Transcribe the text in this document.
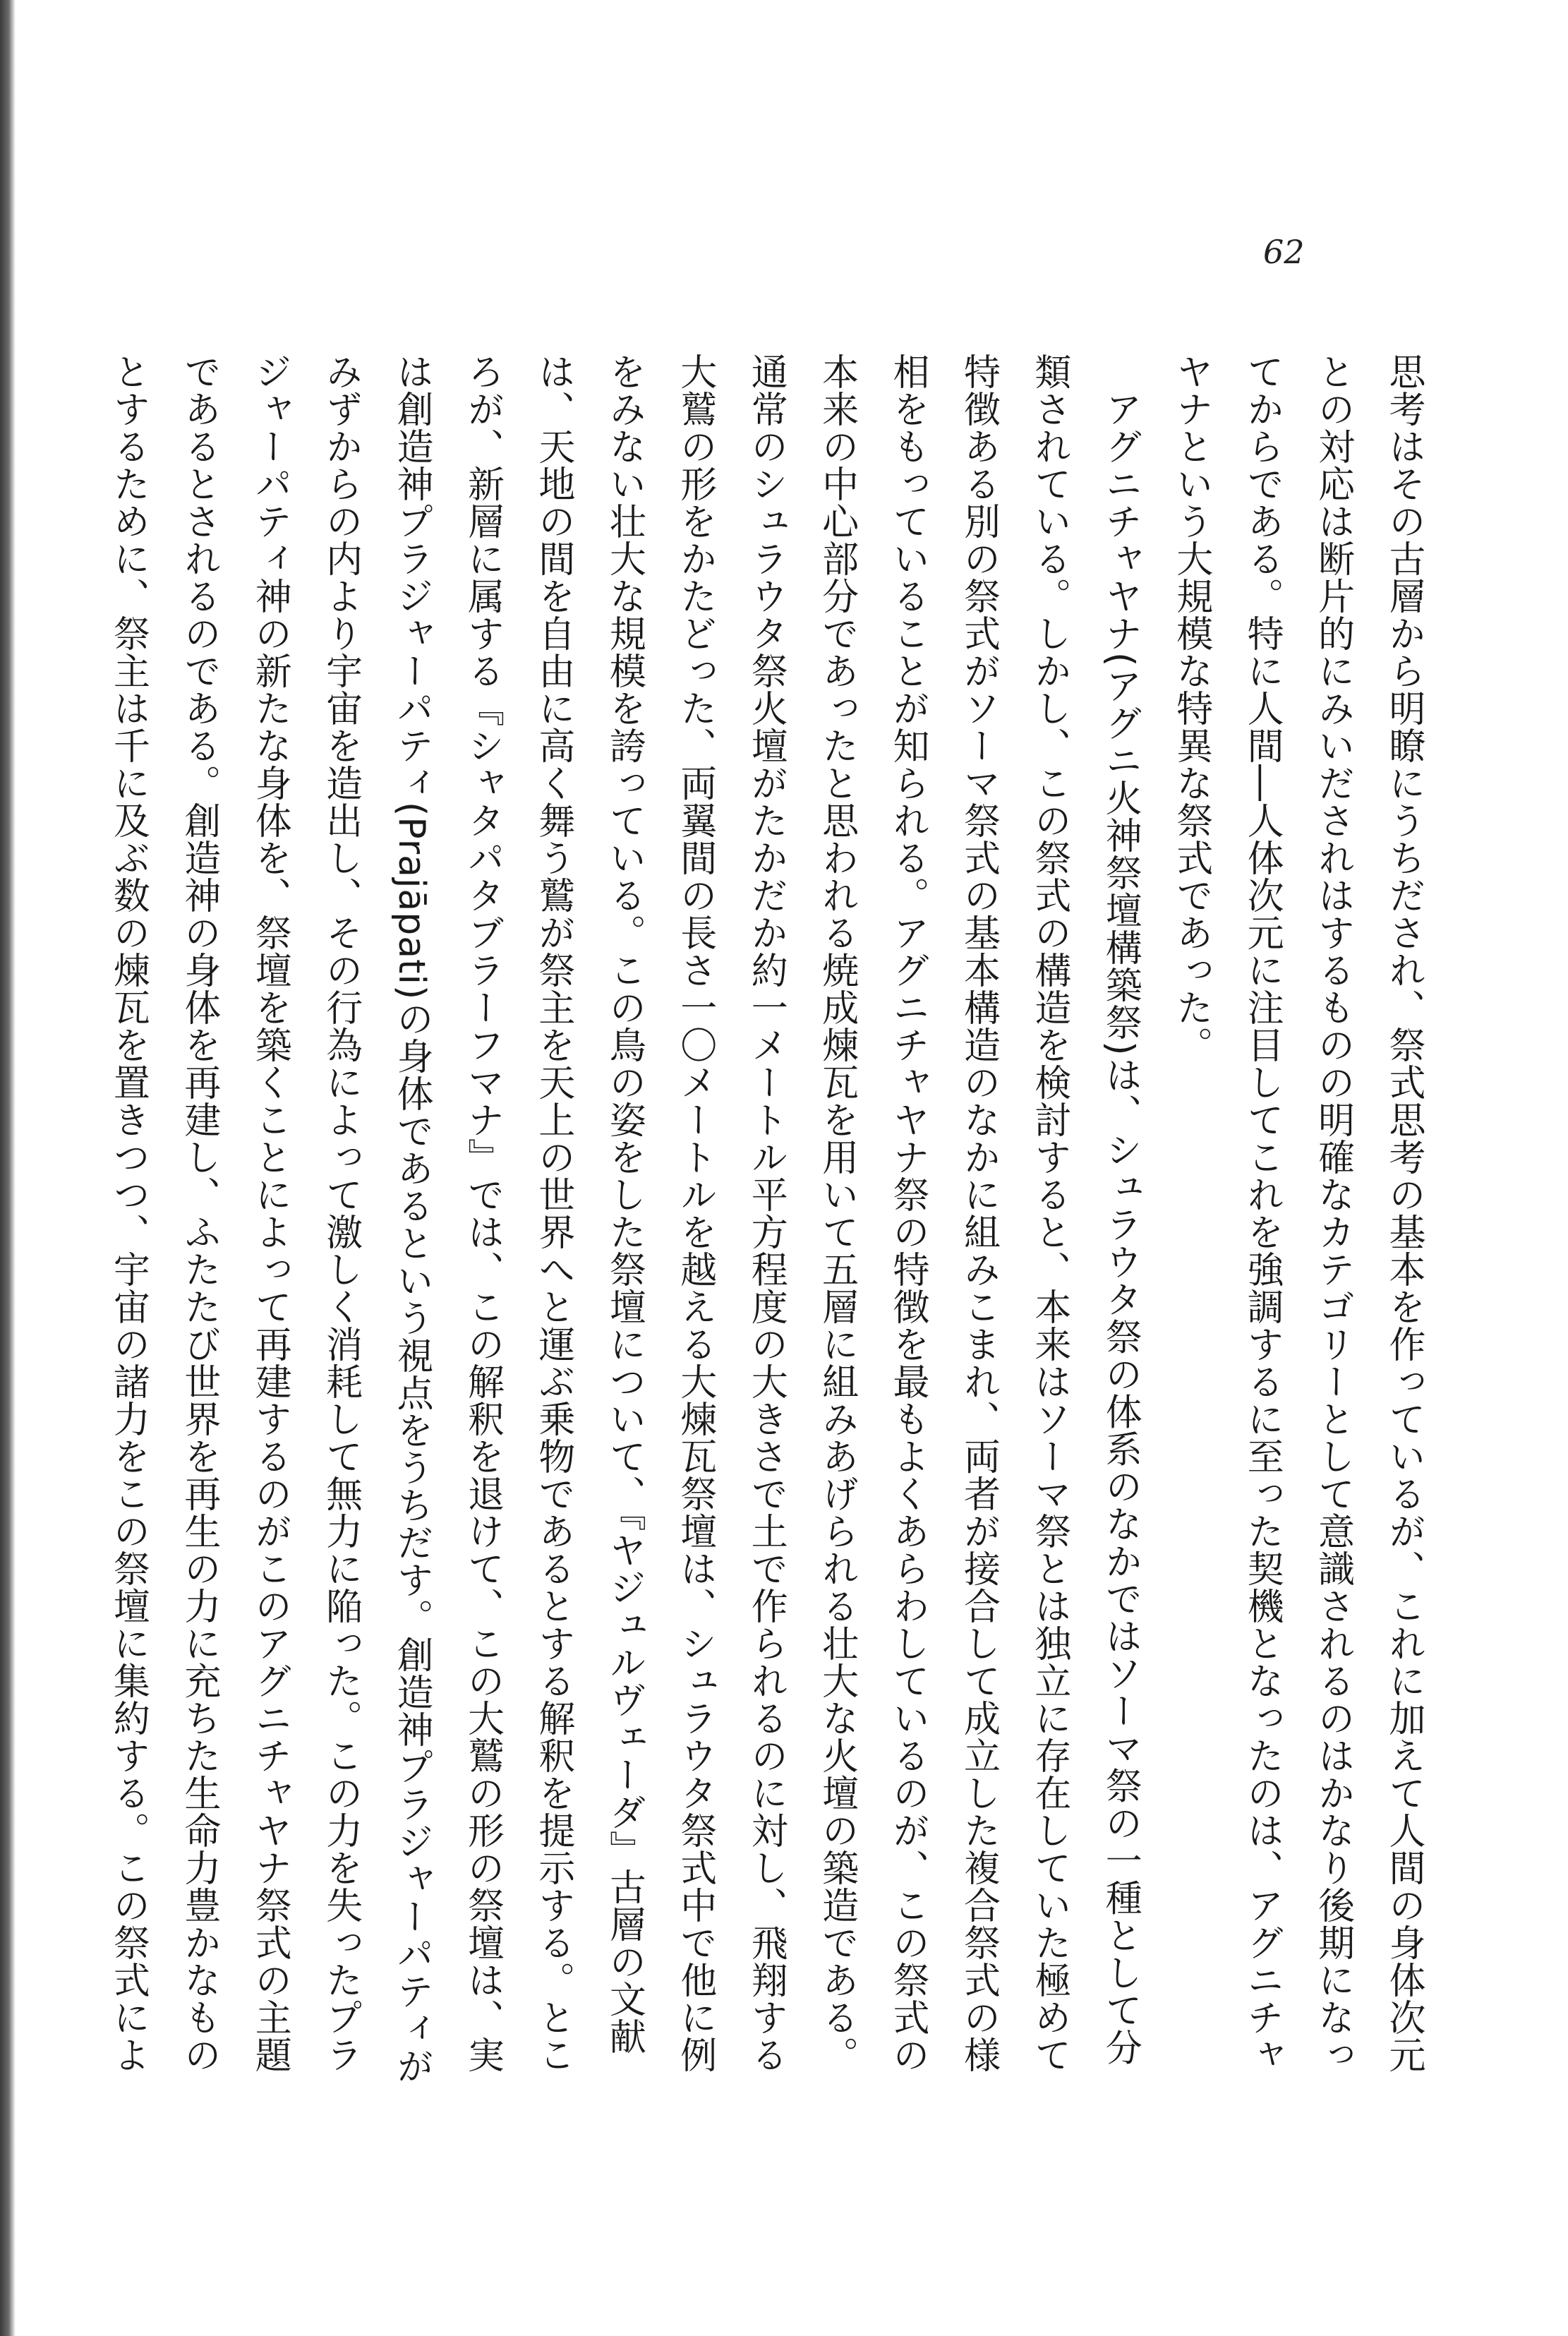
62
思考はその古層から明瞭にうちだされ、祭式思考の基本を作っているが、これに加えて人間の身体次元
との対応は断片的にみいだされはするものの明確なカテゴリーとして意識されるのはかなり後期になっ
てからである。特に人間―人体次元に注目してこれを強調するに至った契機となったのは、アグニチャ
ヤナという大規模な特異な祭式であった。
　アグニチャヤナ(アグニ火神祭壇構築祭)は、シュラウタ祭の体系のなかではソーマ祭の一種として分
類されている。しかし、この祭式の構造を検討すると、本来はソーマ祭とは独立に存在していた極めて
特徴ある別の祭式がソーマ祭式の基本構造のなかに組みこまれ、両者が接合して成立した複合祭式の様
相をもっていることが知られる。アグニチャヤナ祭の特徴を最もよくあらわしているのが、この祭式の
本来の中心部分であったと思われる焼成煉瓦を用いて五層に組みあげられる壮大な火壇の築造である。
通常のシュラウタ祭火壇がたかだか約一メートル平方程度の大きさで土で作られるのに対し、飛翔する
大鷲の形をかたどった、両翼間の長さ一〇メートルを越える大煉瓦祭壇は、シュラウタ祭式中で他に例
をみない壮大な規模を誇っている。この鳥の姿をした祭壇について、『ヤジュルヴェーダ』古層の文献
は、天地の間を自由に高く舞う鷲が祭主を天上の世界へと運ぶ乗物であるとする解釈を提示する。とこ
ろが、新層に属する『シャタパタブラーフマナ』では、この解釈を退けて、この大鷲の形の祭壇は、実
は創造神プラジャーパティ(Prajāpati)の身体であるという視点をうちだす。創造神プラジャーパティが
みずからの内より宇宙を造出し、その行為によって激しく消耗して無力に陥った。この力を失ったプラ
ジャーパティ神の新たな身体を、祭壇を築くことによって再建するのがこのアグニチャヤナ祭式の主題
であるとされるのである。創造神の身体を再建し、ふたたび世界を再生の力に充ちた生命力豊かなもの
とするために、祭主は千に及ぶ数の煉瓦を置きつつ、宇宙の諸力をこの祭壇に集約する。この祭式によ
